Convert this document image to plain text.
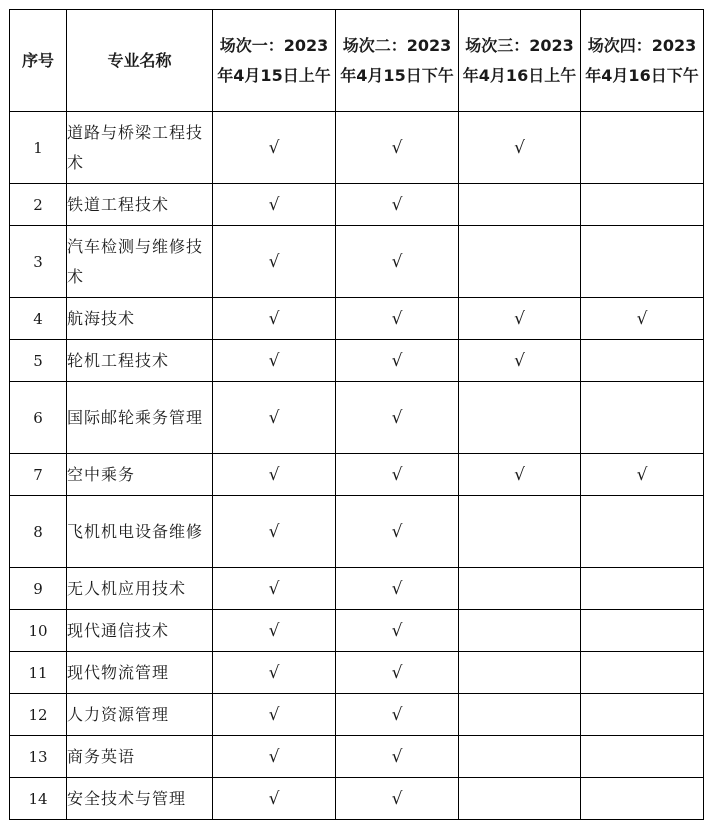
序号	专业名称	场次一：2023年4月15日上午	场次二：2023年4月15日下午	场次三：2023年4月16日上午	场次四：2023年4月16日下午
1	道路与桥梁工程技术	√	√	√	
2	铁道工程技术	√	√		
3	汽车检测与维修技术	√	√		
4	航海技术	√	√	√	√
5	轮机工程技术	√	√	√	
6	国际邮轮乘务管理	√	√		
7	空中乘务	√	√	√	√
8	飞机机电设备维修	√	√		
9	无人机应用技术	√	√		
10	现代通信技术	√	√		
11	现代物流管理	√	√		
12	人力资源管理	√	√		
13	商务英语	√	√		
14	安全技术与管理	√	√		
